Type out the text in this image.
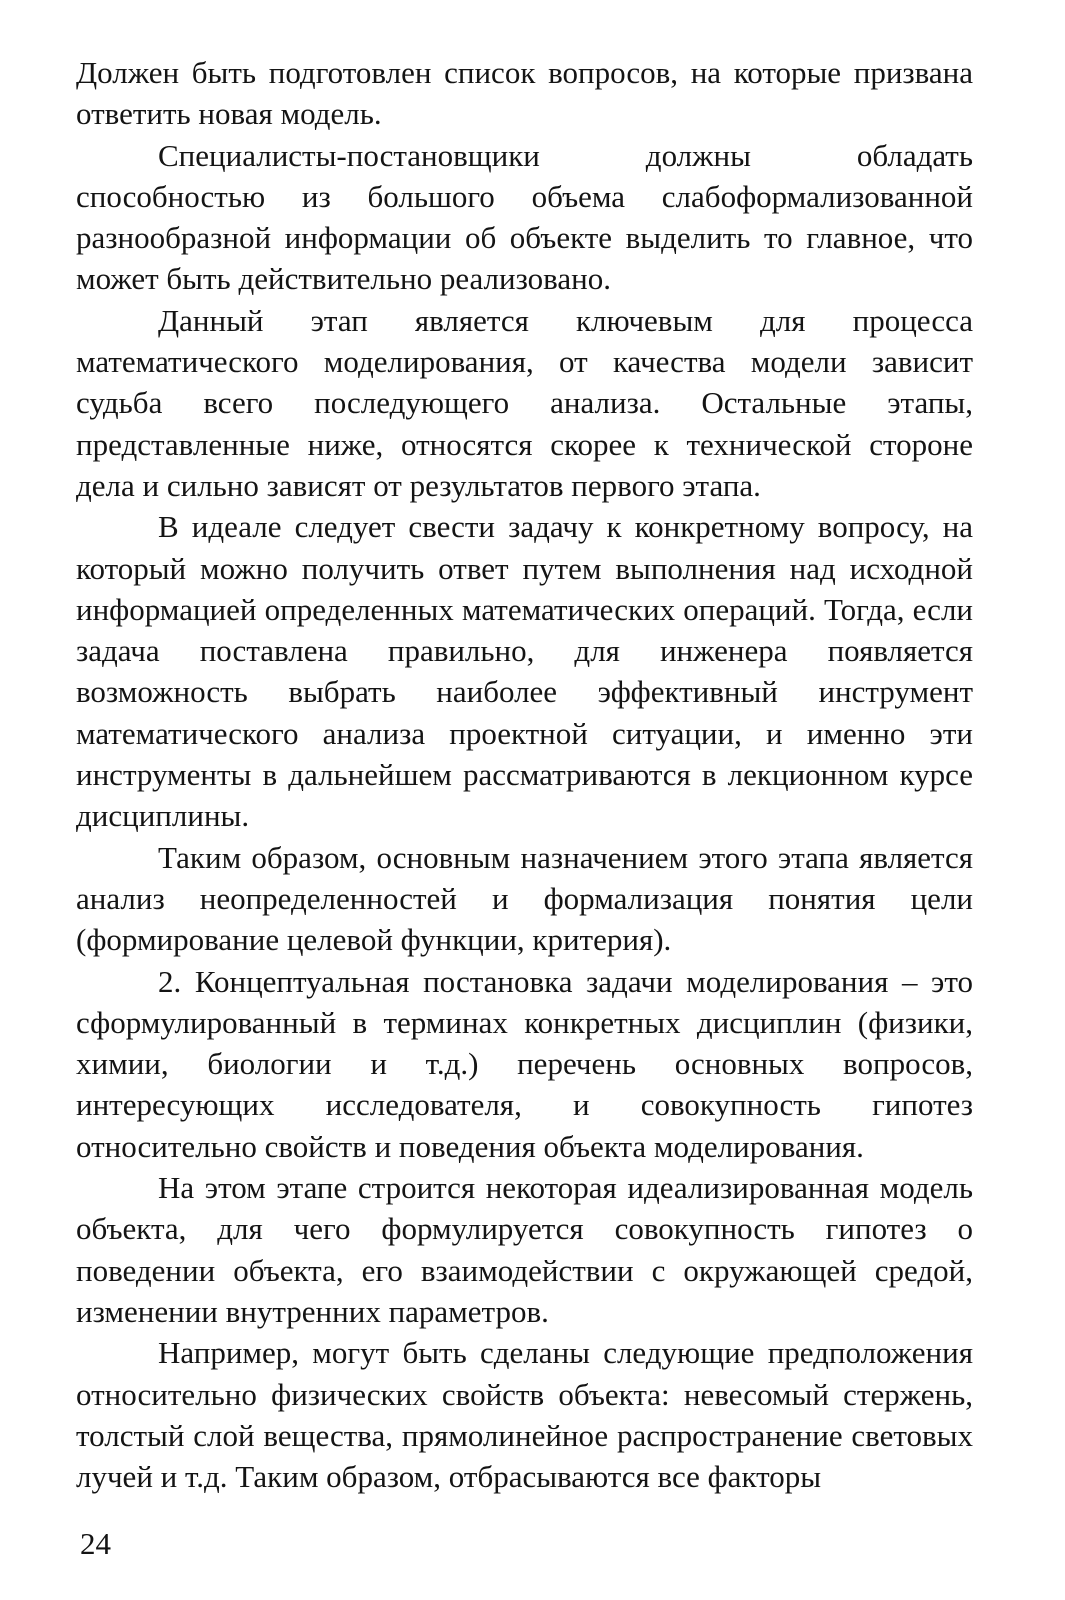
Должен быть подготовлен список вопросов, на которые призвана ответить новая модель.

Специалисты-постановщики должны обладать способностью из большого объема слабоформализованной разнообразной информации об объекте выделить то главное, что может быть действительно реализовано.

Данный этап является ключевым для процесса математического моделирования, от качества модели зависит судьба всего последующего анализа. Остальные этапы, представленные ниже, относятся скорее к технической стороне дела и сильно зависят от результатов первого этапа.

В идеале следует свести задачу к конкретному вопросу, на который можно получить ответ путем выполнения над исходной информацией определенных математических операций. Тогда, если задача поставлена правильно, для инженера появляется возможность выбрать наиболее эффективный инструмент математического анализа проектной ситуации, и именно эти инструменты в дальнейшем рассматриваются в лекционном курсе дисциплины.

Таким образом, основным назначением этого этапа является анализ неопределенностей и формализация понятия цели (формирование целевой функции, критерия).

2. Концептуальная постановка задачи моделирования – это сформулированный в терминах конкретных дисциплин (физики, химии, биологии и т.д.) перечень основных вопросов, интересующих исследователя, и совокупность гипотез относительно свойств и поведения объекта моделирования.

На этом этапе строится некоторая идеализированная модель объекта, для чего формулируется совокупность гипотез о поведении объекта, его взаимодействии с окружающей средой, изменении внутренних параметров.

Например, могут быть сделаны следующие предположения относительно физических свойств объекта: невесомый стержень, толстый слой вещества, прямолинейное распространение световых лучей и т.д. Таким образом, отбрасываются все факторы

24
